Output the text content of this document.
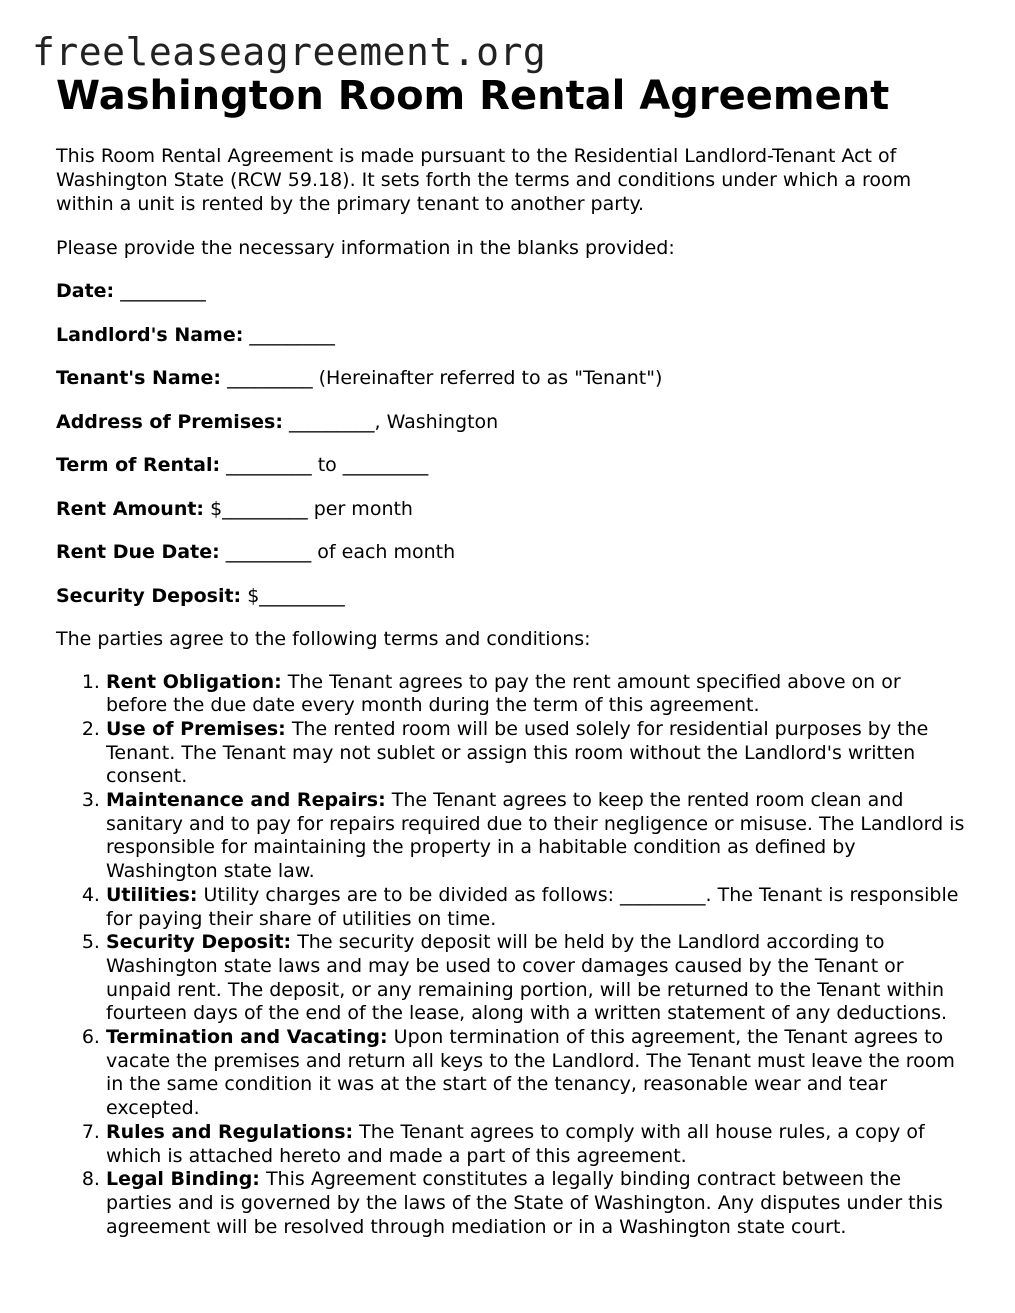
freeleaseagreement.org
Washington Room Rental Agreement

This Room Rental Agreement is made pursuant to the Residential Landlord-Tenant Act of Washington State (RCW 59.18). It sets forth the terms and conditions under which a room within a unit is rented by the primary tenant to another party.

Please provide the necessary information in the blanks provided:

Date: _________

Landlord's Name: _________

Tenant's Name: _________ (Hereinafter referred to as "Tenant")

Address of Premises: _________, Washington

Term of Rental: _________ to _________

Rent Amount: $_________ per month

Rent Due Date: _________ of each month

Security Deposit: $_________

The parties agree to the following terms and conditions:

1. Rent Obligation: The Tenant agrees to pay the rent amount specified above on or before the due date every month during the term of this agreement.
2. Use of Premises: The rented room will be used solely for residential purposes by the Tenant. The Tenant may not sublet or assign this room without the Landlord's written consent.
3. Maintenance and Repairs: The Tenant agrees to keep the rented room clean and sanitary and to pay for repairs required due to their negligence or misuse. The Landlord is responsible for maintaining the property in a habitable condition as defined by Washington state law.
4. Utilities: Utility charges are to be divided as follows: _________. The Tenant is responsible for paying their share of utilities on time.
5. Security Deposit: The security deposit will be held by the Landlord according to Washington state laws and may be used to cover damages caused by the Tenant or unpaid rent. The deposit, or any remaining portion, will be returned to the Tenant within fourteen days of the end of the lease, along with a written statement of any deductions.
6. Termination and Vacating: Upon termination of this agreement, the Tenant agrees to vacate the premises and return all keys to the Landlord. The Tenant must leave the room in the same condition it was at the start of the tenancy, reasonable wear and tear excepted.
7. Rules and Regulations: The Tenant agrees to comply with all house rules, a copy of which is attached hereto and made a part of this agreement.
8. Legal Binding: This Agreement constitutes a legally binding contract between the parties and is governed by the laws of the State of Washington. Any disputes under this agreement will be resolved through mediation or in a Washington state court.
